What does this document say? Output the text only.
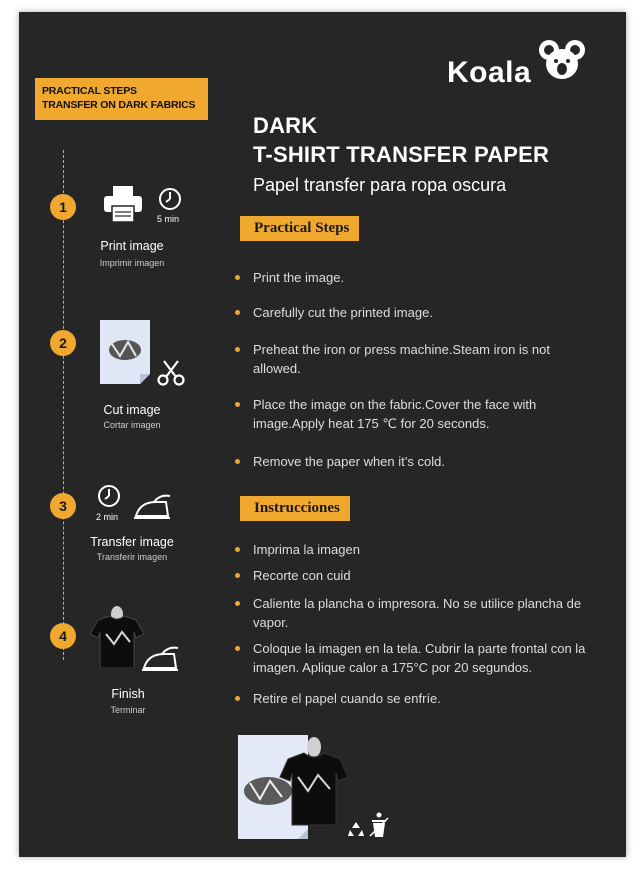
PRACTICAL STEPS
TRANSFER ON DARK FABRICS
Koala
DARK
T-SHIRT TRANSFER PAPER
Papel transfer para ropa oscura
1
5 min
Print image
Imprimir imagen
2
Cut image
Cortar imagen
3
2 min
Transfer image
Transferir imagen
4
Finish
Terminar
Practical Steps
Print the image.
Carefully cut the printed image.
Preheat the iron or press machine.Steam iron is not
allowed.
Place the image on the fabric.Cover the face with
image.Apply heat 175 ℃ for 20 seconds.
Remove the paper when it’s cold.
Instrucciones
Imprima la imagen
Recorte con cuid
Caliente la plancha o impresora. No se utilice plancha de
vapor.
Coloque la imagen en la tela. Cubrir la parte frontal con la
imagen. Aplique calor a 175°C por 20 segundos.
Retire el papel cuando se enfríe.
